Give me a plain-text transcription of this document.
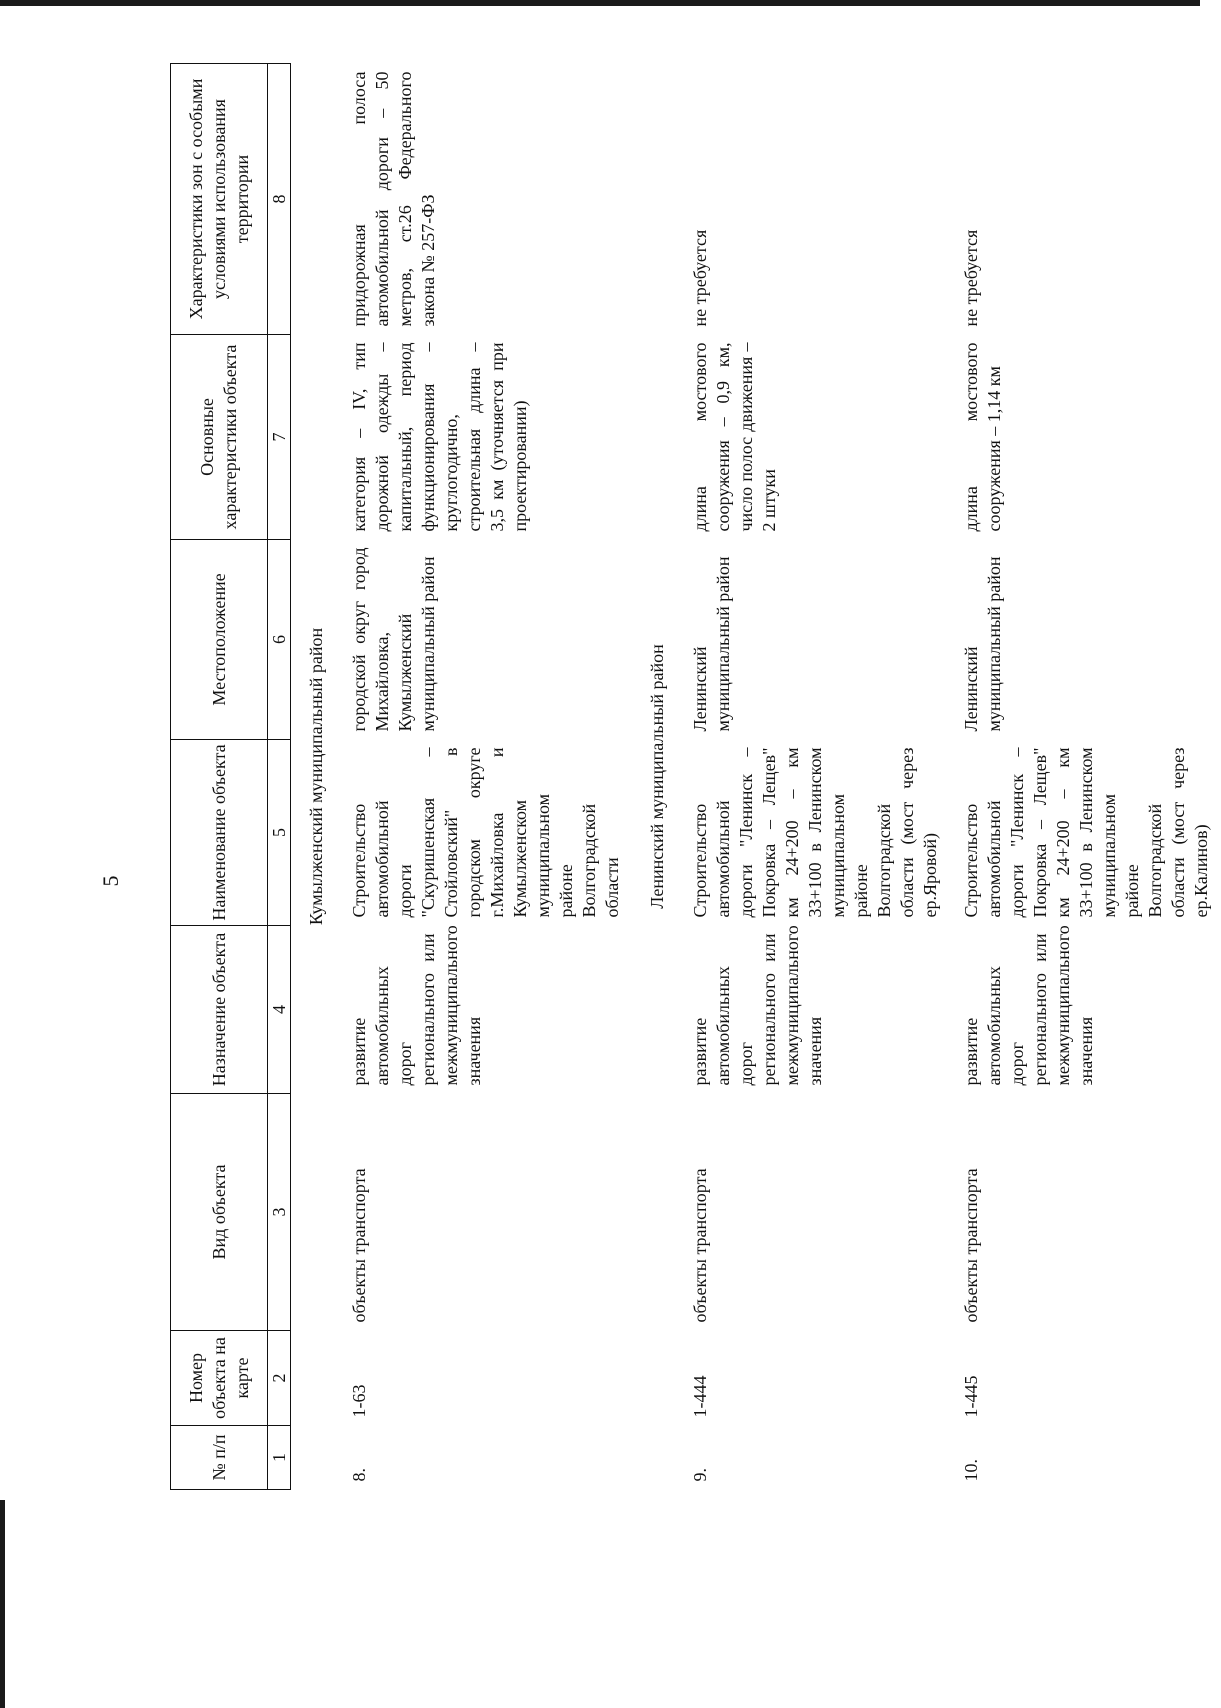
5
№ п/п	Номер объекта на карте	Вид объекта	Назначение объекта	Наименование объекта	Местоположение	Основные характеристики объекта	Характеристики зон с особыми условиями использования территории
1	2	3	4	5	6	7	8
Кумылженский муниципальный район							
8.	1-63	объекты транспорта	развитие автомобильных дорог регионального или межмуниципального значения	Строительство автомобильной дороги "Скуришенская – Стойловский" в городском округе г.Михайловка и Кумылженском муниципальном районе Волгоградской области	городской округ город Михайловка, Кумылженский муниципальный район	категория – IV, тип дорожной одежды – капитальный, период функционирования – круглогодично, строительная длина – 3,5 км (уточняется при проектировании)	придорожная полоса автомобильной дороги – 50 метров, ст.26 Федерального закона № 257-ФЗ
Ленинский муниципальный район							
9.	1-444	объекты транспорта	развитие автомобильных дорог регионального или межмуниципального значения	Строительство автомобильной дороги "Ленинск – Покровка – Лещев" км 24+200 – км 33+100 в Ленинском муниципальном районе Волгоградской области (мост через ер.Яровой)	Ленинский муниципальный район	длина мостового сооружения – 0,9 км, число полос движения – 2 штуки	не требуется
10.	1-445	объекты транспорта	развитие автомобильных дорог регионального или межмуниципального значения	Строительство автомобильной дороги "Ленинск – Покровка – Лещев" км 24+200 – км 33+100 в Ленинском муниципальном районе Волгоградской области (мост через ер.Калинов)	Ленинский муниципальный район	длина мостового сооружения – 1,14 км	не требуется
